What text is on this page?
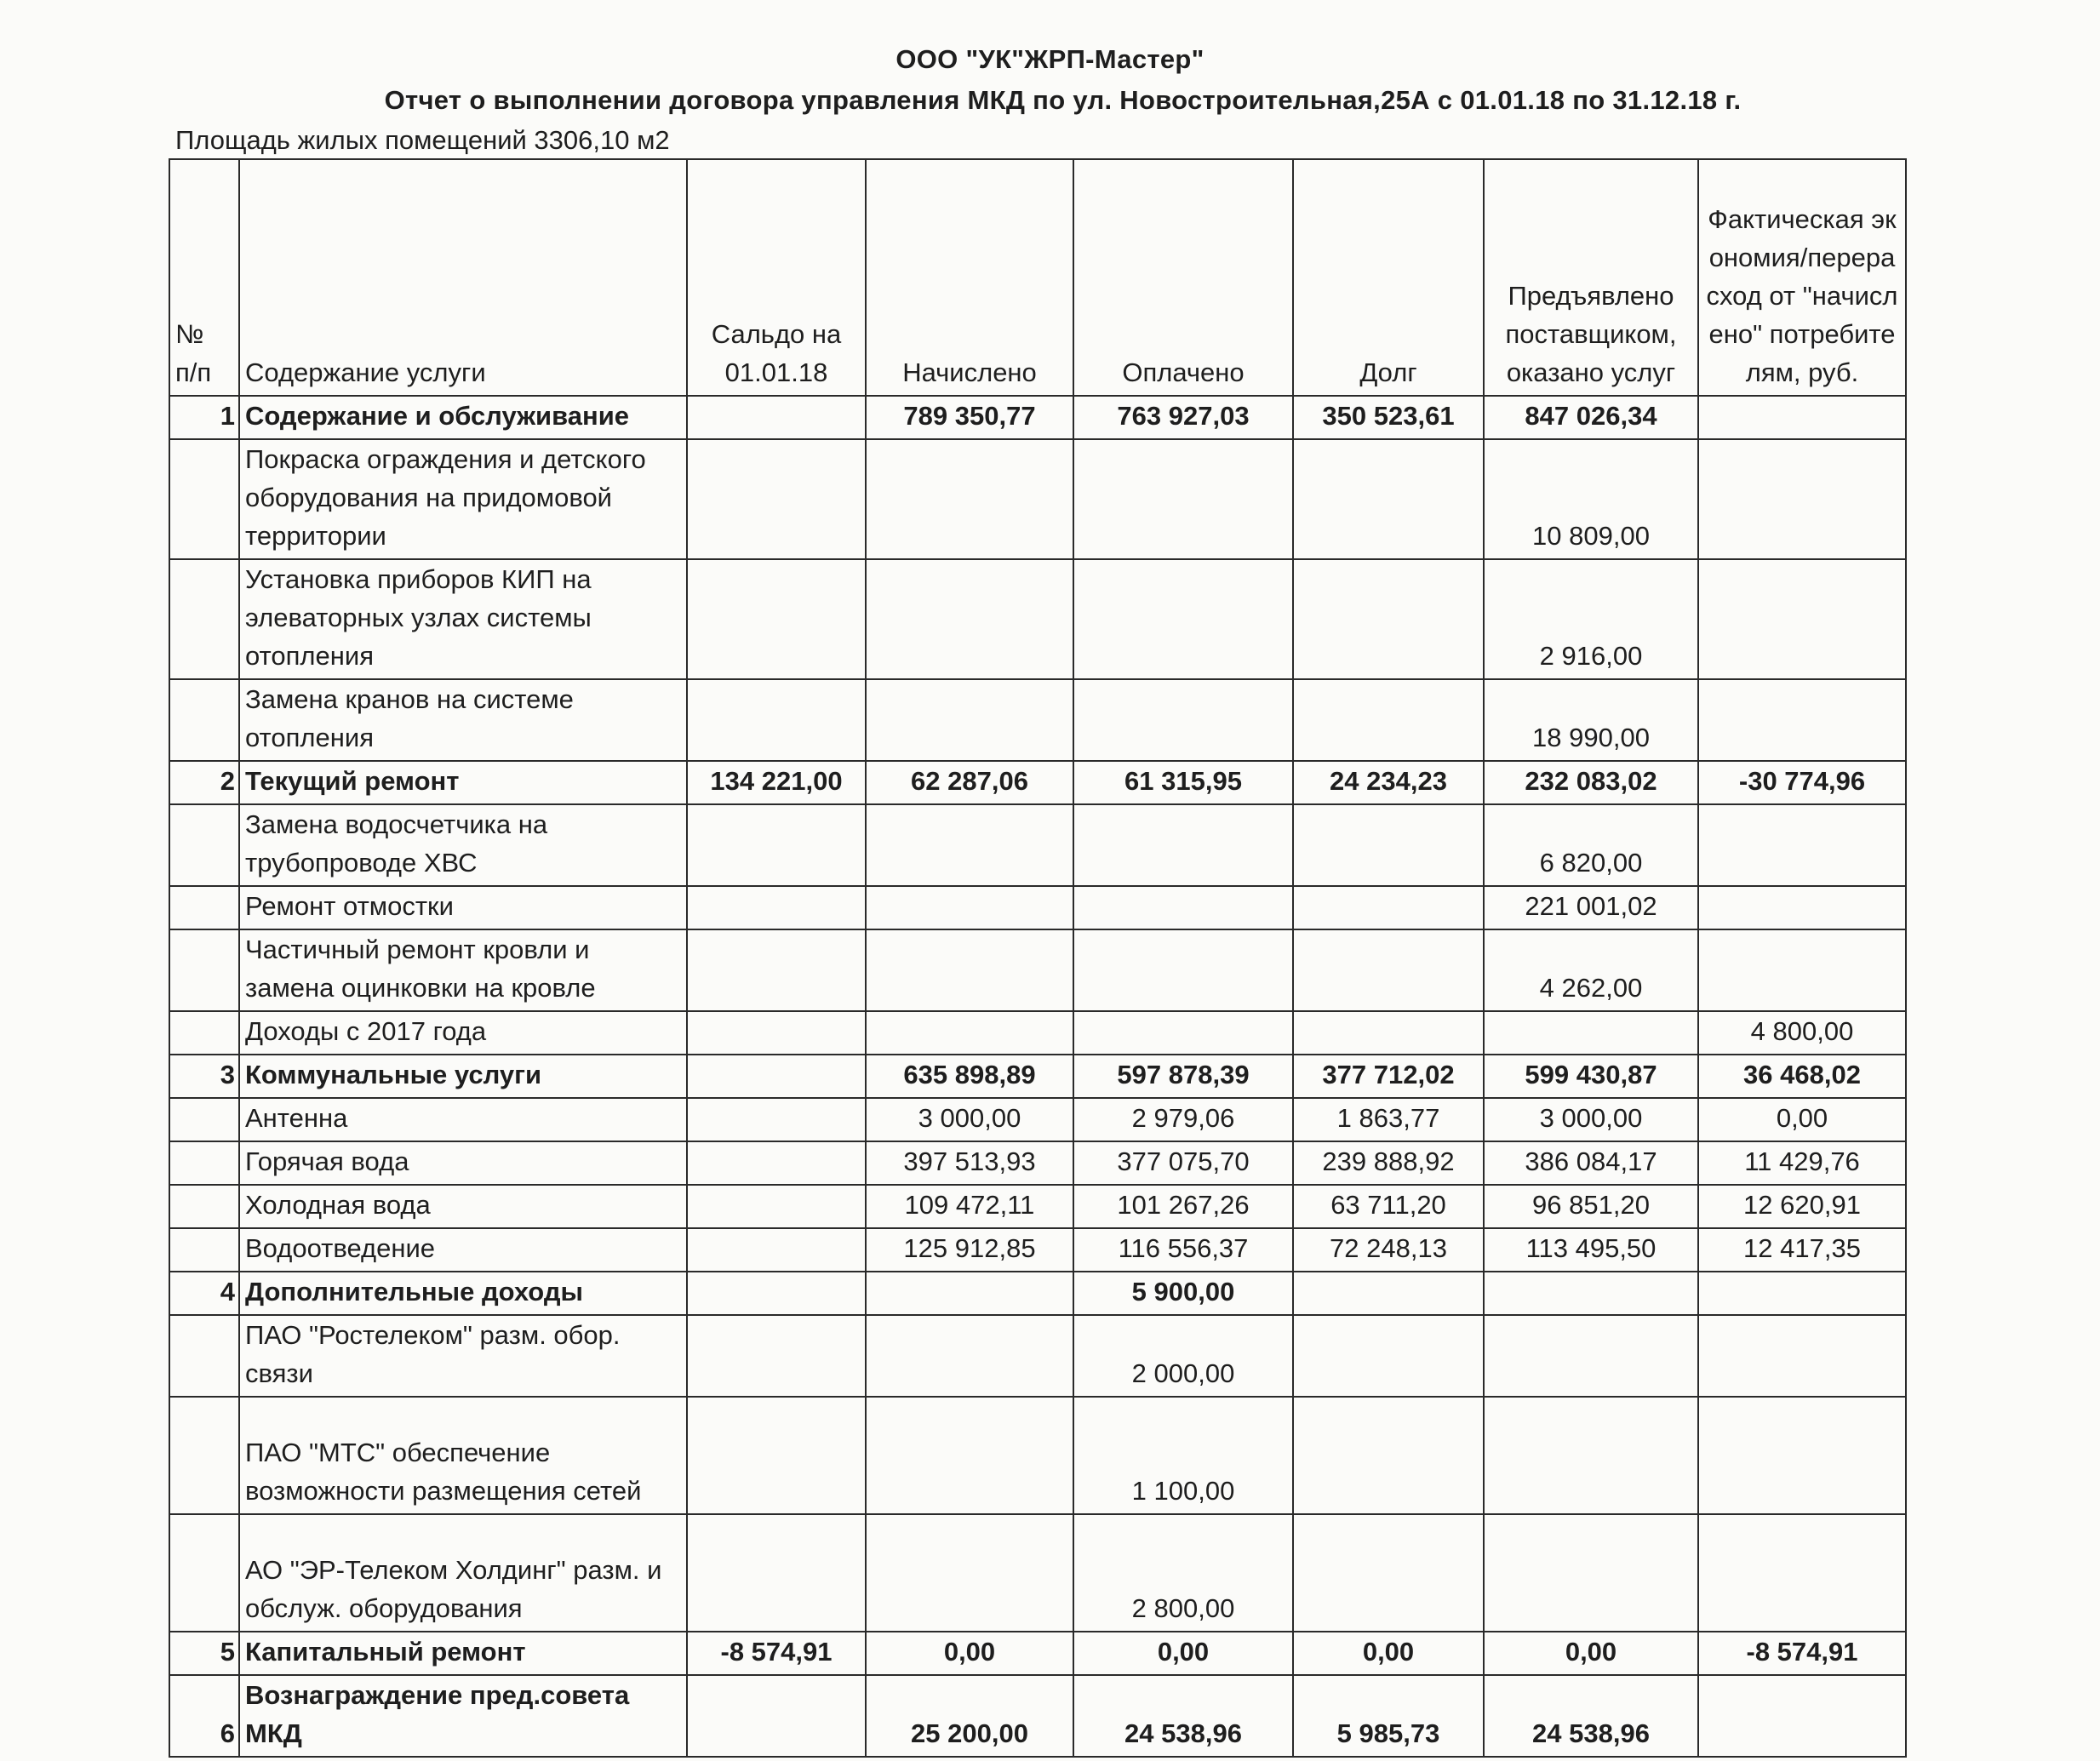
ООО "УК"ЖРП-Мастер"
Отчет о выполнении договора управления МКД по ул. Новостроительная,25А с 01.01.18 по 31.12.18 г.
Площадь жилых помещений 3306,10 м2
№ п/п	Содержание услуги	Сальдо на 01.01.18	Начислено	Оплачено	Долг	Предъявлено поставщиком, оказано услуг	Фактическая экономия/перерасход от "начислено" потребителям, руб.
1	Содержание и обслуживание		789 350,77	763 927,03	350 523,61	847 026,34	
	Покраска ограждения и детского оборудования на придомовой территории					10 809,00	
	Установка приборов КИП на элеваторных узлах системы отопления					2 916,00	
	Замена кранов на системе отопления					18 990,00	
2	Текущий ремонт	134 221,00	62 287,06	61 315,95	24 234,23	232 083,02	-30 774,96
	Замена водосчетчика на трубопроводе ХВС					6 820,00	
	Ремонт отмостки					221 001,02	
	Частичный ремонт кровли и замена оцинковки на кровле					4 262,00	
	Доходы с 2017 года						4 800,00
3	Коммунальные услуги		635 898,89	597 878,39	377 712,02	599 430,87	36 468,02
	Антенна		3 000,00	2 979,06	1 863,77	3 000,00	0,00
	Горячая вода		397 513,93	377 075,70	239 888,92	386 084,17	11 429,76
	Холодная вода		109 472,11	101 267,26	63 711,20	96 851,20	12 620,91
	Водоотведение		125 912,85	116 556,37	72 248,13	113 495,50	12 417,35
4	Дополнительные доходы			5 900,00			
	ПАО "Ростелеком" разм. обор. связи			2 000,00			
	ПАО "МТС" обеспечение возможности размещения сетей			1 100,00			
	АО "ЭР-Телеком Холдинг" разм. и обслуж. оборудования			2 800,00			
5	Капитальный ремонт	-8 574,91	0,00	0,00	0,00	0,00	-8 574,91
6	Вознаграждение пред.совета МКД		25 200,00	24 538,96	5 985,73	24 538,96	
